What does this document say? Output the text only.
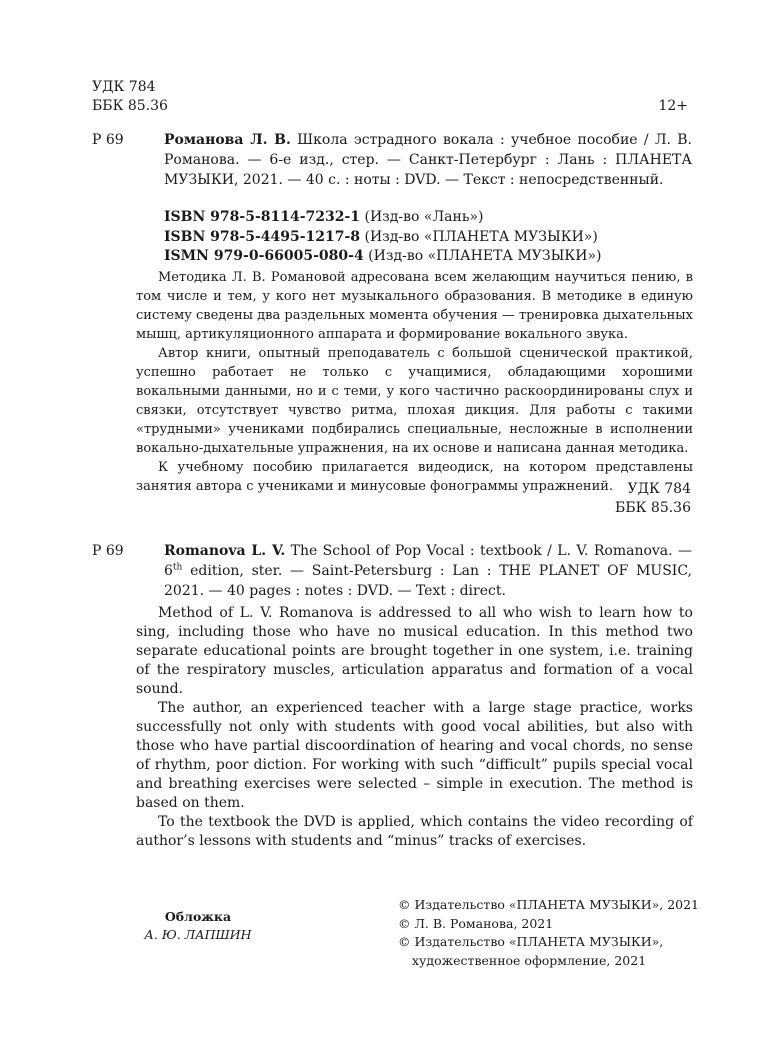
УДК 784
ББК 85.36	12+
Р 69	Романова Л. В. Школа эстрадного вокала : учебное пособие / Л. В. Романова. — 6-е изд., стер. — Санкт-Петербург : Лань : ПЛАНЕТА МУЗЫКИ, 2021. — 40 с. : ноты : DVD. — Текст : непосредственный.
ISBN 978-5-8114-7232-1 (Изд-во «Лань»)
ISBN 978-5-4495-1217-8 (Изд-во «ПЛАНЕТА МУЗЫКИ»)
ISMN 979-0-66005-080-4 (Изд-во «ПЛАНЕТА МУЗЫКИ»)

Методика Л. В. Романовой адресована всем желающим научиться пению, в том числе и тем, у кого нет музыкального образования. В методике в единую систему сведены два раздельных момента обучения — тренировка дыхательных мышц, артикуляционного аппарата и формирование вокального звука.

Автор книги, опытный преподаватель с большой сценической практикой, успешно работает не только с учащимися, обладающими хорошими вокальными данными, но и с теми, у кого частично раскоординированы слух и связки, отсутствует чувство ритма, плохая дикция. Для работы с такими «трудными» учениками подбирались специальные, несложные в исполнении вокально-дыхательные упражнения, на их основе и написана данная методика.

К учебному пособию прилагается видеодиск, на котором представлены занятия автора с учениками и минусовые фонограммы упражнений.	УДК 784
ББК 85.36
Р 69	Romanova L. V. The School of Pop Vocal : textbook / L. V. Romanova. — 6th edition, ster. — Saint-Petersburg : Lan : THE PLANET OF MUSIC, 2021. — 40 pages : notes : DVD. — Text : direct.

Method of L. V. Romanova is addressed to all who wish to learn how to sing, including those who have no musical education. In this method two separate educational points are brought together in one system, i.e. training of the respiratory muscles, articulation apparatus and formation of a vocal sound.

The author, an experienced teacher with a large stage practice, works successfully not only with students with good vocal abilities, but also with those who have partial discoordination of hearing and vocal chords, no sense of rhythm, poor diction. For working with such “difficult” pupils special vocal and breathing exercises were selected – simple in execution. The method is based on them.

To the textbook the DVD is applied, which contains the video recording of author’s lessons with students and “minus” tracks of exercises.

Обложка
А. Ю. ЛАПШИН
© Издательство «ПЛАНЕТА МУЗЫКИ», 2021
© Л. В. Романова, 2021
© Издательство «ПЛАНЕТА МУЗЫКИ»,
художественное оформление, 2021
